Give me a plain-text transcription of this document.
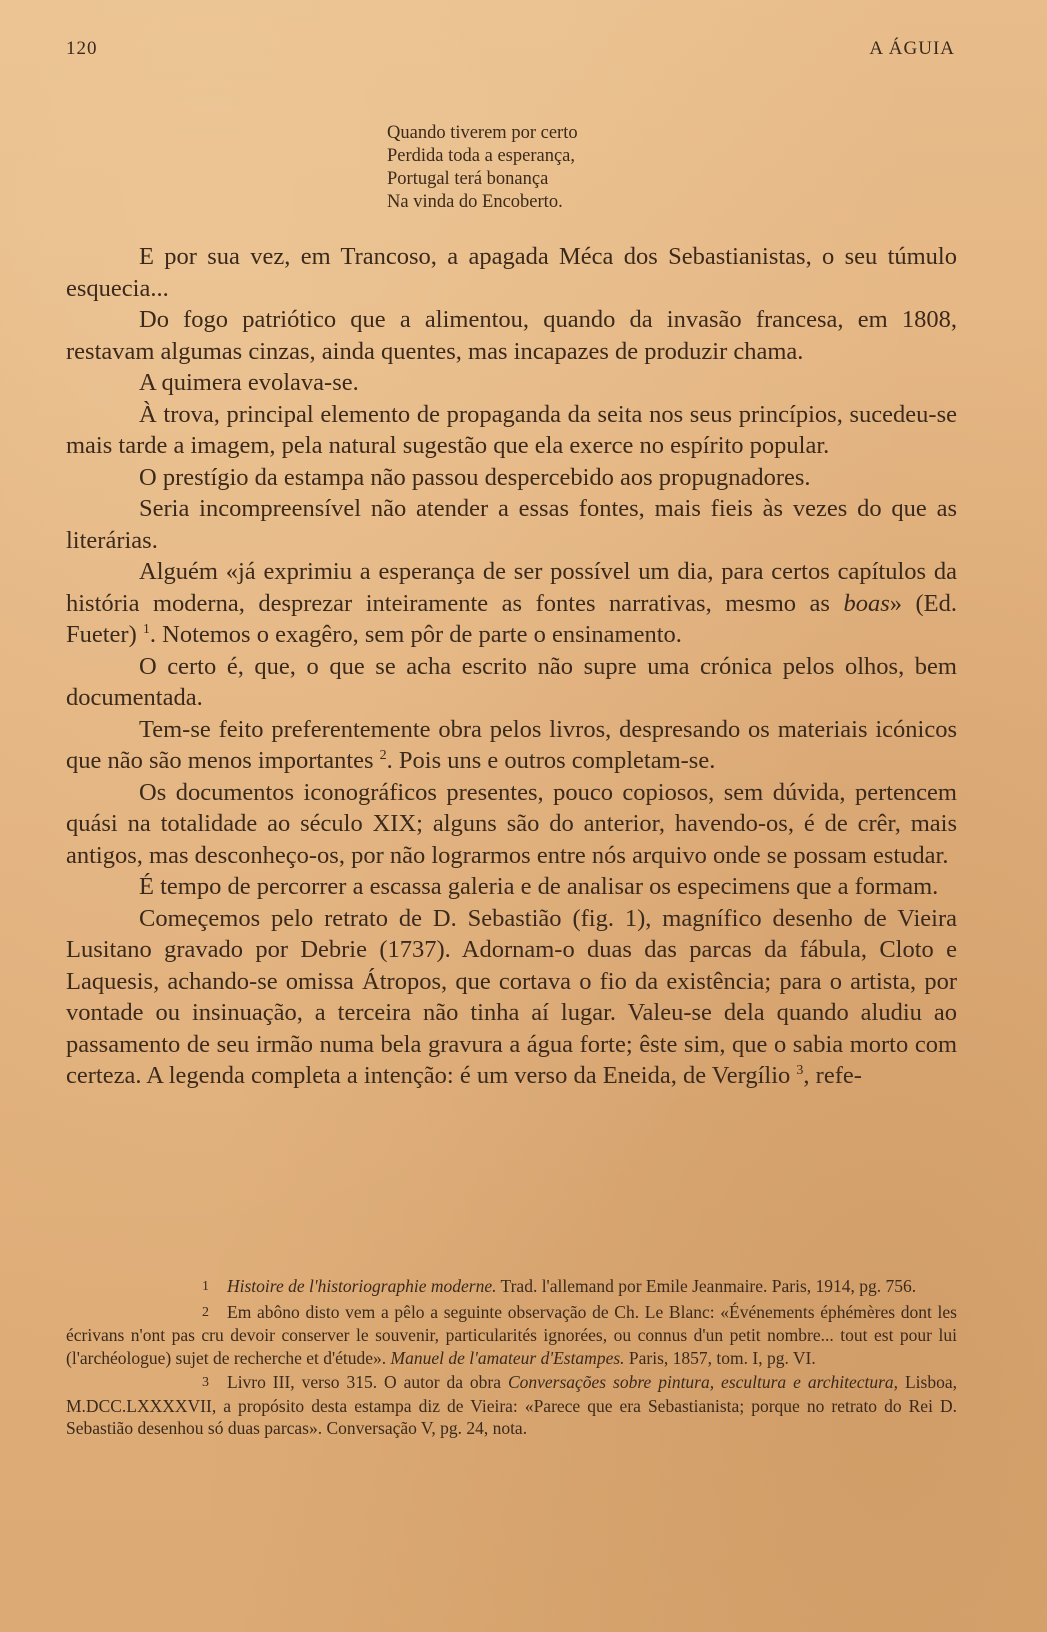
120	A ÁGUIA
Quando tiverem por certo
Perdida toda a esperança,
Portugal terá bonança
Na vinda do Encoberto.

E por sua vez, em Trancoso, a apagada Méca dos Sebastianistas, o seu túmulo esquecia...

Do fogo patriótico que a alimentou, quando da invasão francesa, em 1808, restavam algumas cinzas, ainda quentes, mas incapazes de produzir chama.

A quimera evolava-se.

À trova, principal elemento de propaganda da seita nos seus princípios, sucedeu-se mais tarde a imagem, pela natural sugestão que ela exerce no espírito popular.

O prestígio da estampa não passou despercebido aos propugnadores.

Seria incompreensível não atender a essas fontes, mais fieis às vezes do que as literárias.

Alguém «já exprimiu a esperança de ser possível um dia, para certos capítulos da história moderna, desprezar inteiramente as fontes narrativas, mesmo as boas» (Ed. Fueter) $^1$. Notemos o exagêro, sem pôr de parte o ensinamento.

O certo é, que, o que se acha escrito não supre uma crónica pelos olhos, bem documentada.

Tem-se feito preferentemente obra pelos livros, despresando os materiais icónicos que não são menos importantes $^2$. Pois uns e outros completam-se.

Os documentos iconográficos presentes, pouco copiosos, sem dúvida, pertencem quási na totalidade ao século XIX; alguns são do anterior, havendo-os, é de crêr, mais antigos, mas desconheço-os, por não lograrmos entre nós arquivo onde se possam estudar.

É tempo de percorrer a escassa galeria e de analisar os especimens que a formam.

Começemos pelo retrato de D. Sebastião (fig. 1), magnífico desenho de Vieira Lusitano gravado por Debrie (1737). Adornam-o duas das parcas da fábula, Cloto e Laquesis, achando-se omissa Átropos, que cortava o fio da existência; para o artista, por vontade ou insinuação, a terceira não tinha aí lugar. Valeu-se dela quando aludiu ao passamento de seu irmão numa bela gravura a água forte; êste sim, que o sabia morto com certeza. A legenda completa a intenção: é um verso da Eneida, de Vergílio $^3$, refe-

1 Histoire de l'historiographie moderne. Trad. l'allemand por Emile Jeanmaire. Paris, 1914, pg. 756.

2 Em abôno disto vem a pêlo a seguinte observação de Ch. Le Blanc: «Événements éphémères dont les écrivans n'ont pas cru devoir conserver le souvenir, particularités ignorées, ou connus d'un petit nombre... tout est pour lui (l'archéologue) sujet de recherche et d'étude». Manuel de l'amateur d'Estampes. Paris, 1857, tom. I, pg. VI.

3 Livro III, verso 315. O autor da obra Conversações sobre pintura, escultura e architectura, Lisboa, M.DCC.LXXXXVII, a propósito desta estampa diz de Vieira: «Parece que era Sebastianista; porque no retrato do Rei D. Sebastião desenhou só duas parcas». Conversação V, pg. 24, nota.
